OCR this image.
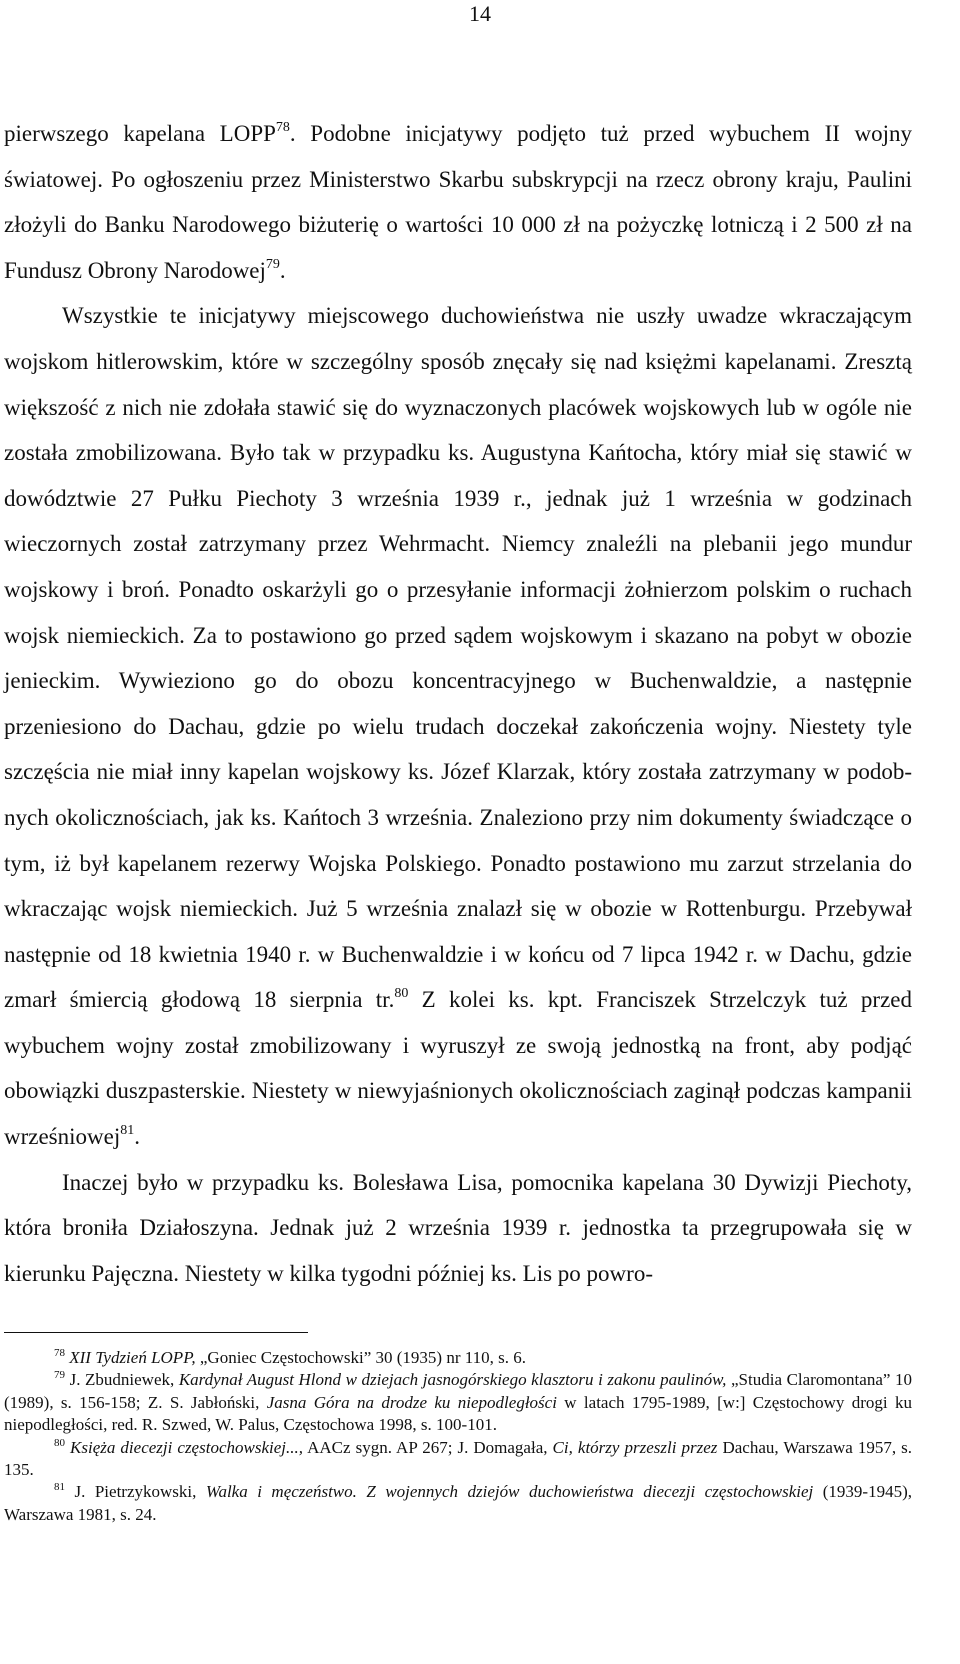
14

pierwszego kapelana LOPP$^{78}$. Podobne inicjatywy podjęto tuż przed wybuchem II wojny światowej. Po ogłoszeniu przez Ministerstwo Skarbu subskrypcji na rzecz obrony kraju, Paulini złożyli do Banku Narodowego biżuterię o wartości 10 000 zł na pożyczkę lotniczą i 2 500 zł na Fundusz Obrony Narodowej$^{79}$.

Wszystkie te inicjatywy miejscowego duchowieństwa nie uszły uwadze wkraczającym wojskom hitlerowskim, które w szczególny sposób znęcały się nad księżmi kapelanami. Zresztą większość z nich nie zdołała stawić się do wyznaczonych placówek wojskowych lub w ogóle nie została zmobilizowana. Było tak w przypadku ks. Augustyna Kańtocha, który miał się stawić w dowództwie 27 Pułku Piechoty 3 września 1939 r., jednak już 1 września w godzinach wieczornych został zatrzymany przez Wehrmacht. Niemcy znaleźli na plebanii jego mundur wojskowy i broń. Ponadto oskarżyli go o przesyłanie informacji żołnierzom polskim o ruchach wojsk niemieckich. Za to postawiono go przed sądem wojskowym i skazano na pobyt w obozie jenieckim. Wywieziono go do obozu koncentracyjnego w Buchenwaldzie, a następnie przeniesiono do Dachau, gdzie po wielu trudach doczekał zakończenia wojny. Niestety tyle szczęścia nie miał inny kapelan wojskowy ks. Józef Klarzak, który została zatrzymany w podobnych okolicznościach, jak ks. Kańtoch 3 września. Znaleziono przy nim dokumenty świadczące o tym, iż był kapelanem rezerwy Wojska Polskiego. Ponadto postawiono mu zarzut strzelania do wkraczając wojsk niemieckich. Już 5 września znalazł się w obozie w Rottenburgu. Przebywał następnie od 18 kwietnia 1940 r. w Buchenwaldzie i w końcu od 7 lipca 1942 r. w Dachu, gdzie zmarł śmiercią głodową 18 sierpnia tr.$^{80}$ Z kolei ks. kpt. Franciszek Strzelczyk tuż przed wybuchem wojny został zmobilizowany i wyruszył ze swoją jednostką na front, aby podjąć obowiązki duszpasterskie. Niestety w niewyjaśnionych okolicznościach zaginął podczas kampanii wrześniowej$^{81}$.

Inaczej było w przypadku ks. Bolesława Lisa, pomocnika kapelana 30 Dywizji Piechoty, która broniła Działoszyna. Jednak już 2 września 1939 r. jednostka ta przegrupowała się w kierunku Pajęczna. Niestety w kilka tygodni później ks. Lis po powro-

$^{78}$ XII Tydzień LOPP, „Goniec Częstochowski” 30 (1935) nr 110, s. 6.

$^{79}$ J. Zbudniewek, Kardynał August Hlond w dziejach jasnogórskiego klasztoru i zakonu paulinów, „Studia Claromontana” 10 (1989), s. 156-158; Z. S. Jabłoński, Jasna Góra na drodze ku niepodległości w latach 1795-1989, [w:] Częstochowy drogi ku niepodległości, red. R. Szwed, W. Palus, Częstochowa 1998, s. 100-101.

$^{80}$ Księża diecezji częstochowskiej..., AACz sygn. AP 267; J. Domagała, Ci, którzy przeszli przez Dachau, Warszawa 1957, s. 135.

$^{81}$ J. Pietrzykowski, Walka i męczeństwo. Z wojennych dziejów duchowieństwa diecezji częstochowskiej (1939-1945), Warszawa 1981, s. 24.
